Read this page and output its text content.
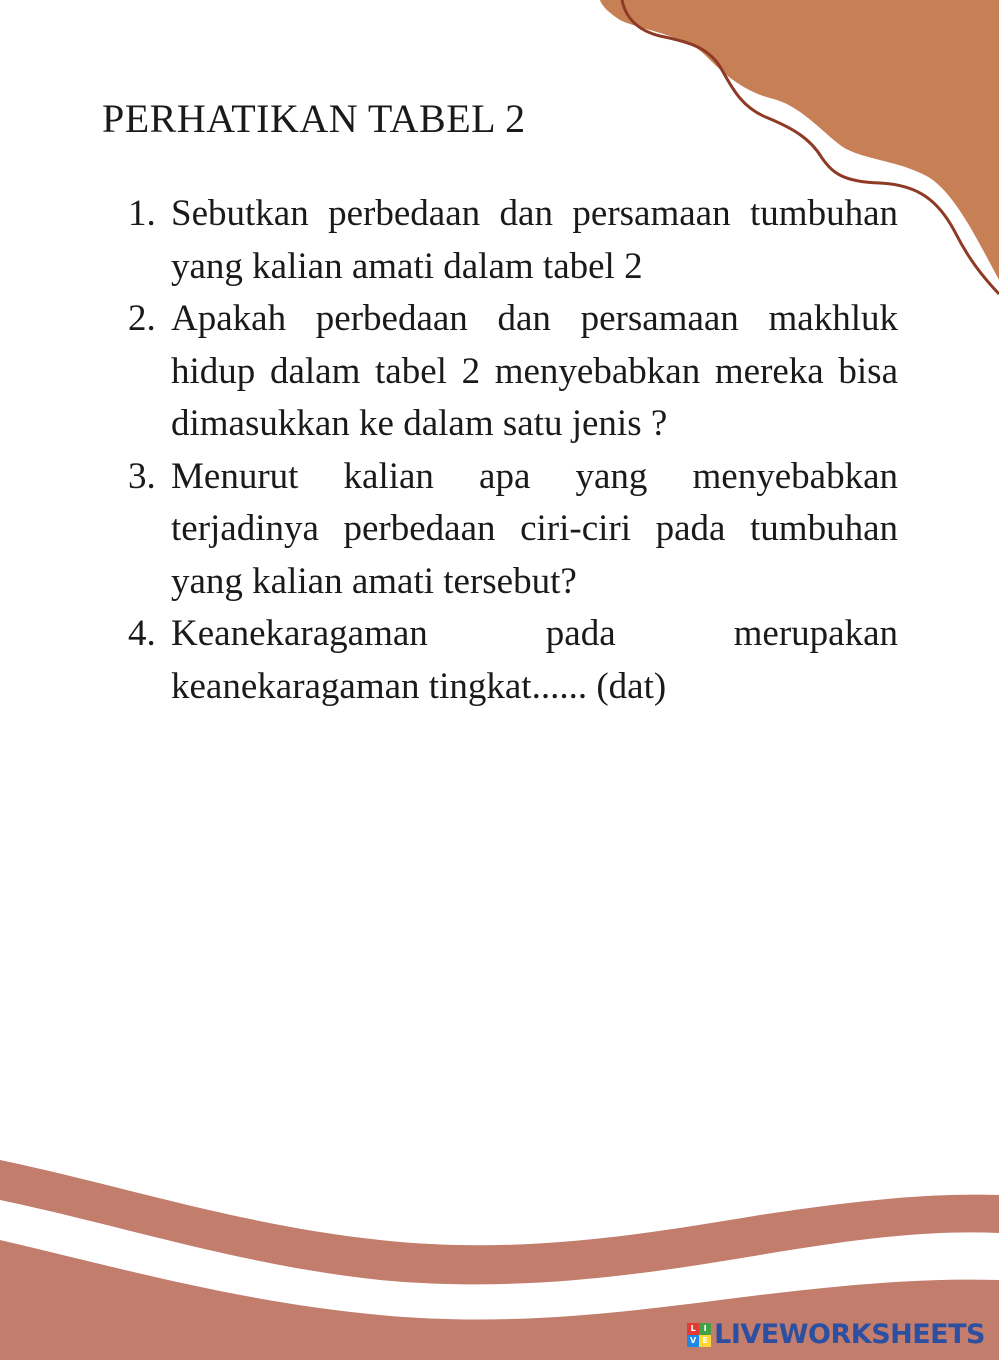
PERHATIKAN TABEL 2
1. Sebutkan perbedaan dan persamaan tumbuhan yang kalian amati dalam tabel 2
2. Apakah perbedaan dan persamaan makhluk hidup dalam tabel 2 menyebabkan mereka bisa dimasukkan ke dalam satu jenis ?
3. Menurut kalian apa yang menyebabkan terjadinya perbedaan ciri-ciri pada tumbuhan yang kalian amati tersebut?
4. Keanekaragaman pada merupakan keanekaragaman tingkat...... (dat)
L I
V E LIVEWORKSHEETS
